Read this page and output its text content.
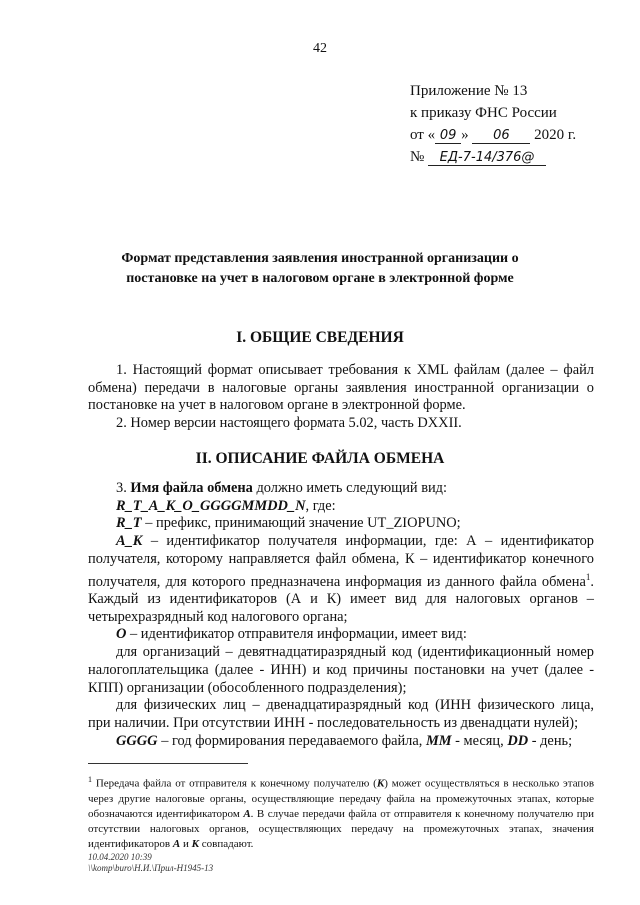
42
Приложение № 13
к приказу ФНС России
от « 09 » 06 2020 г.
№ ЕД-7-14/376@
Формат представления заявления иностранной организации о постановке на учет в налоговом органе в электронной форме
I. ОБЩИЕ СВЕДЕНИЯ

1. Настоящий формат описывает требования к XML файлам (далее – файл обмена) передачи в налоговые органы заявления иностранной организации о постановке на учет в налоговом органе в электронной форме.

2. Номер версии настоящего формата 5.02, часть DXXII.

II. ОПИСАНИЕ ФАЙЛА ОБМЕНА

3. Имя файла обмена должно иметь следующий вид:

R_T_A_K_O_GGGGMMDD_N, где:

R_T – префикс, принимающий значение UT_ZIOPUNO;

A_K – идентификатор получателя информации, где: А – идентификатор получателя, которому направляется файл обмена, К – идентификатор конечного получателя, для которого предназначена информация из данного файла обмена$^1$. Каждый из идентификаторов (А и К) имеет вид для налоговых органов – четырехразрядный код налогового органа;

O – идентификатор отправителя информации, имеет вид:

для организаций – девятнадцатиразрядный код (идентификационный номер налогоплательщика (далее - ИНН) и код причины постановки на учет (далее - КПП) организации (обособленного подразделения);

для физических лиц – двенадцатиразрядный код (ИНН физического лица, при наличии. При отсутствии ИНН - последовательность из двенадцати нулей);

GGGG – год формирования передаваемого файла, MM - месяц, DD - день;

$^1$ Передача файла от отправителя к конечному получателю (К) может осуществляться в несколько этапов через другие налоговые органы, осуществляющие передачу файла на промежуточных этапах, которые обозначаются идентификатором А. В случае передачи файла от отправителя к конечному получателю при отсутствии налоговых органов, осуществляющих передачу на промежуточных этапах, значения идентификаторов А и К совпадают.
10.04.2020 10:39
\\komp\buro\Н.И.\Прил-Н1945-13
